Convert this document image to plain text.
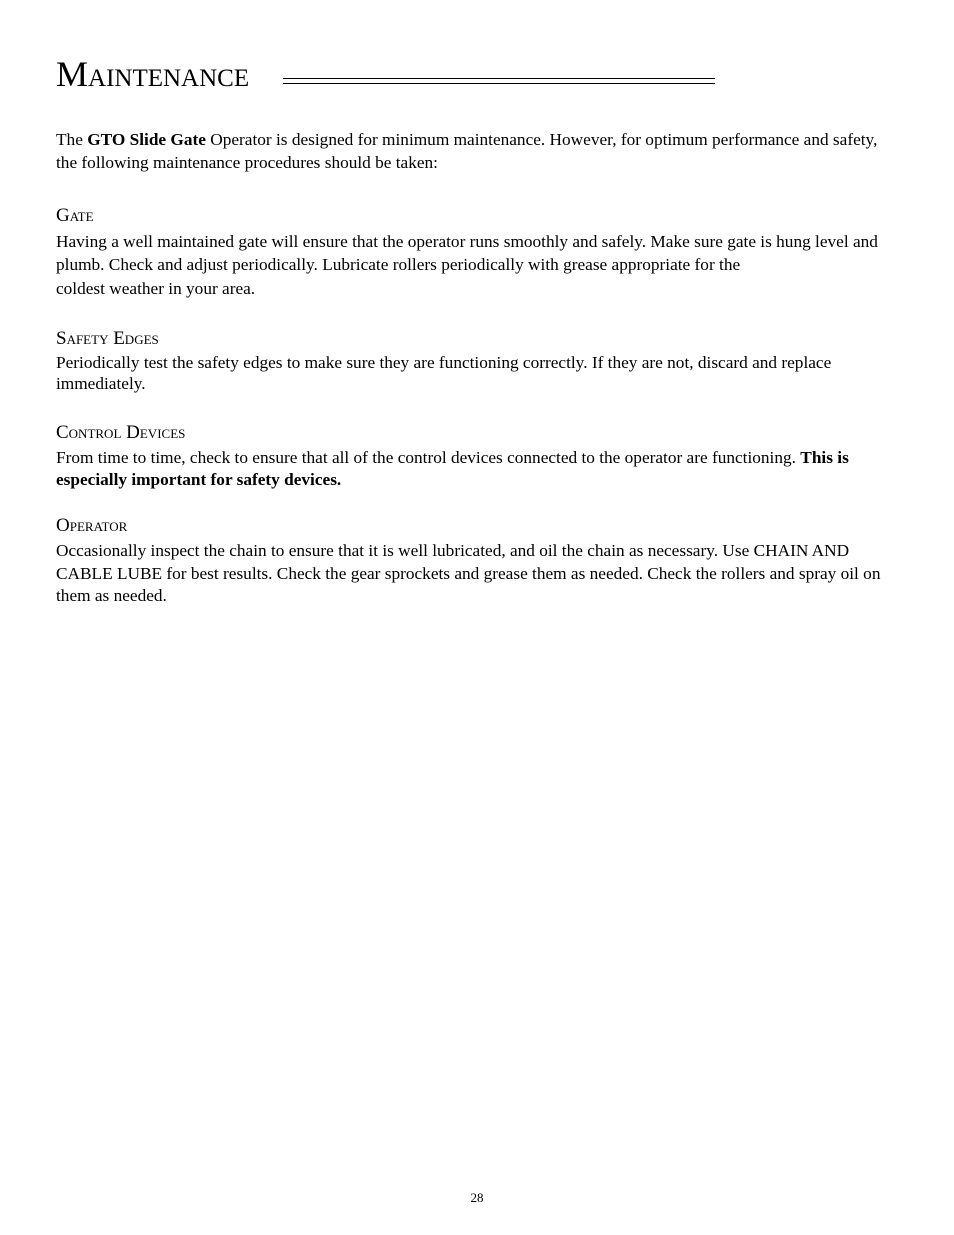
Maintenance

The GTO Slide Gate Operator is designed for minimum maintenance. However, for optimum performance and safety, the following maintenance procedures should be taken:

Gate

Having a well maintained gate will ensure that the operator runs smoothly and safely. Make sure gate is hung level and plumb. Check and adjust periodically. Lubricate rollers periodically with grease appropriate for the
coldest weather in your area.

Safety Edges

Periodically test the safety edges to make sure they are functioning correctly. If they are not, discard and replace immediately.

Control Devices

From time to time, check to ensure that all of the control devices connected to the operator are functioning. This is especially important for safety devices.

Operator

Occasionally inspect the chain to ensure that it is well lubricated, and oil the chain as necessary. Use CHAIN AND CABLE LUBE for best results. Check the gear sprockets and grease them as needed. Check the rollers and spray oil on them as needed.

28
